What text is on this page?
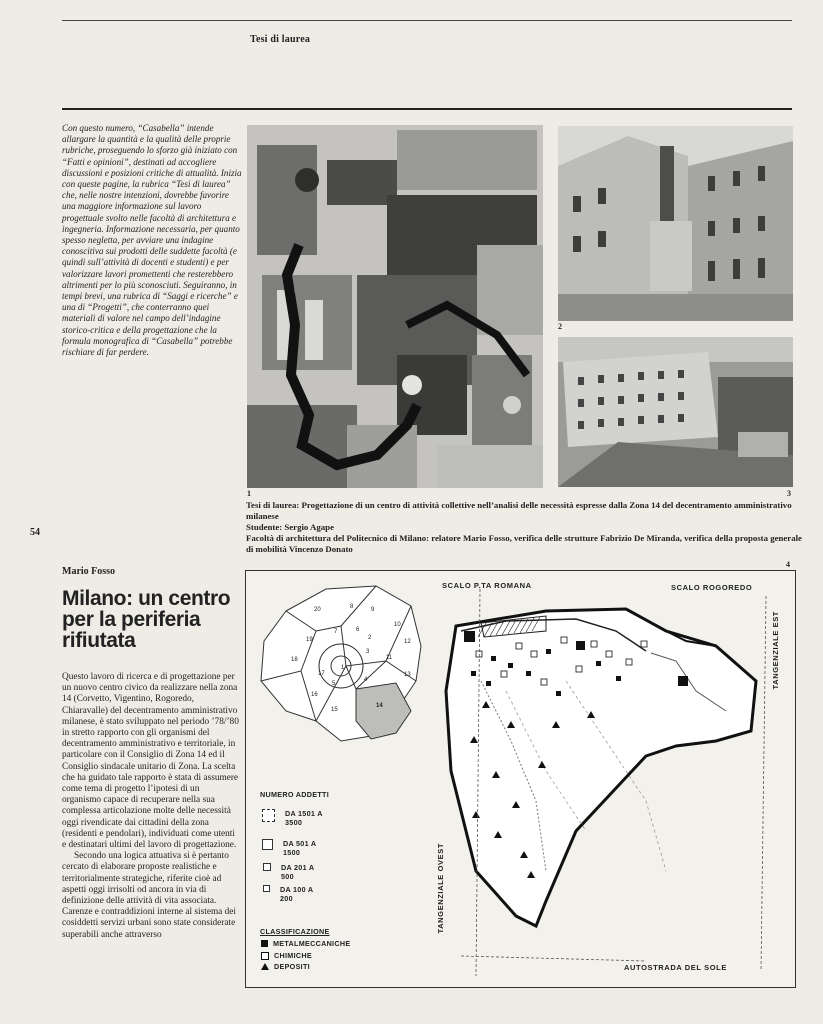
Tesi di laurea
Con questo numero, “Casabella” intende allargare la quantità e la qualità delle proprie rubriche, proseguendo lo sforzo già iniziato con “Fatti e opinioni”, destinati ad accogliere discussioni e posizioni critiche di attualità. Inizia con queste pagine, la rubrica “Tesi di laurea” che, nelle nostre intenzioni, dovrebbe favorire una maggiore informazione sul lavoro progettuale svolto nelle facoltà di architettura e ingegneria. Informazione necessaria, per quanto spesso negletta, per avviare una indagine conoscitiva sui prodotti delle suddette facoltà (e quindi sull’attività di docenti e studenti) e per valorizzare lavori promettenti che resterebbero altrimenti per lo più sconosciuti. Seguiranno, in tempi brevi, una rubrica di “Saggi e ricerche” e una di “Progetti”, che conterranno quei materiali di valore nel campo dell’indagine storico-critica e della progettazione che la formula monografica di “Casabella” potrebbe rischiare di far perdere.
1
2
3
Tesi di laurea: Progettazione di un centro di attività collettive nell’analisi delle necessità espresse dalla Zona 14 del decentramento amministrativo milanese
Studente: Sergio Agape
Facoltà di architettura del Politecnico di Milano: relatore Mario Fosso, verifica delle strutture Fabrizio De Miranda, verifica della proposta generale di mobilità Vincenzo Donato
54
Mario Fosso
Milano: un centro per la periferia rifiutata

Questo lavoro di ricerca e di progettazione per un nuovo centro civico da realizzare nella zona 14 (Corvetto, Vigentino, Rogoredo, Chiaravalle) del decentramento amministrativo milanese, è stato sviluppato nel periodo ’78/’80 in stretto rapporto con gli organismi del decentramento amministrativo e territoriale, in particolare con il Consiglio di Zona 14 ed il Consiglio sindacale unitario di Zona. La scelta che ha guidato tale rapporto è stata di assumere come tema di progetto l’ipotesi di un organismo capace di recuperare nella sua complessa articolazione molte delle necessità oggi rivendicate dai cittadini della zona (residenti e pendolari), individuati come utenti e destinatari ultimi del lavoro di progettazione.

Secondo una logica attuativa si è pertanto cercato di elaborare proposte realistiche e territorialmente strategiche, riferite cioè ad aspetti oggi irrisolti od ancora in via di definizione delle attività di vita associata. Carenze e contraddizioni interne al sistema dei cosiddetti servizi urbani sono state considerate superabili anche attraverso

4
20	8	9
10
19
7	6
2
12
18
1
3
11
13
17
5
4
16
15
14
SCALO P.TA ROMANA	SCALO ROGOREDO
TANGENZIALE EST
TANGENZIALE OVEST
AUTOSTRADA DEL SOLE
NUMERO ADDETTI
DA 1501 A
3500
DA 501 A
1500
DA 201 A
500
DA 100 A
200
CLASSIFICAZIONE
METALMECCANICHE
CHIMICHE
DEPOSITI
